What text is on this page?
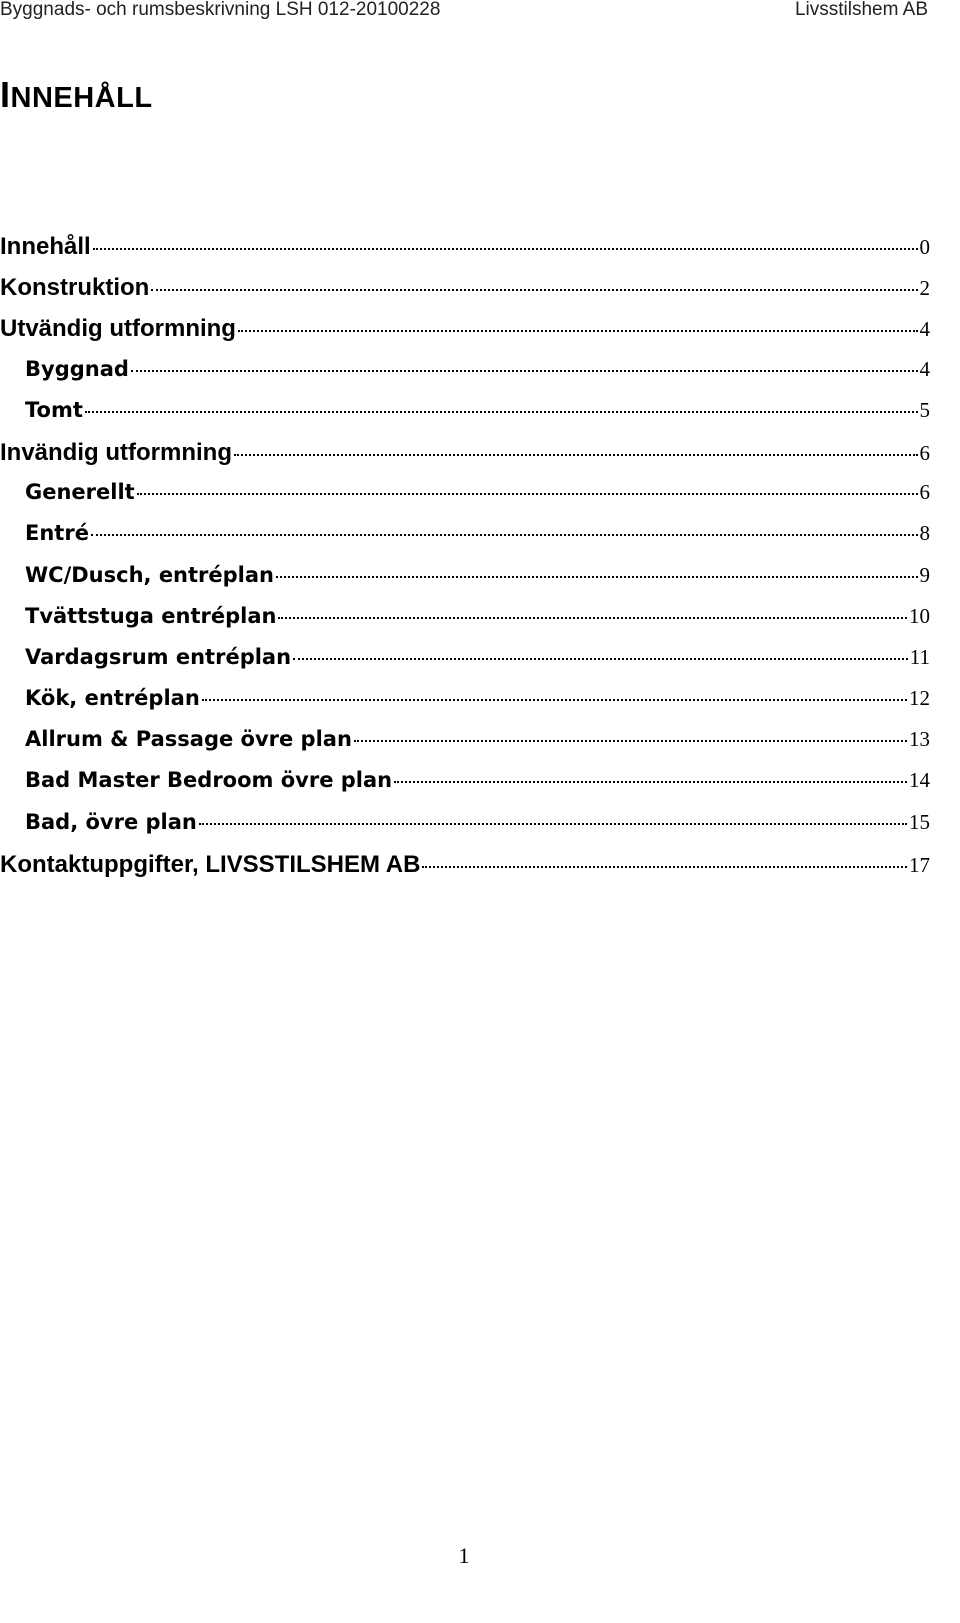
Byggnads- och rumsbeskrivning LSH 012-20100228	Livsstilshem AB
INNEHÅLL
Innehåll	0
Konstruktion	2
Utvändig utformning	4
Byggnad	4
Tomt	5
Invändig utformning	6
Generellt	6
Entré	8
WC/Dusch, entréplan	9
Tvättstuga entréplan	10
Vardagsrum entréplan	11
Kök, entréplan	12
Allrum & Passage övre plan	13
Bad Master Bedroom övre plan	14
Bad, övre plan	15
Kontaktuppgifter, LIVSSTILSHEM AB	17
1
